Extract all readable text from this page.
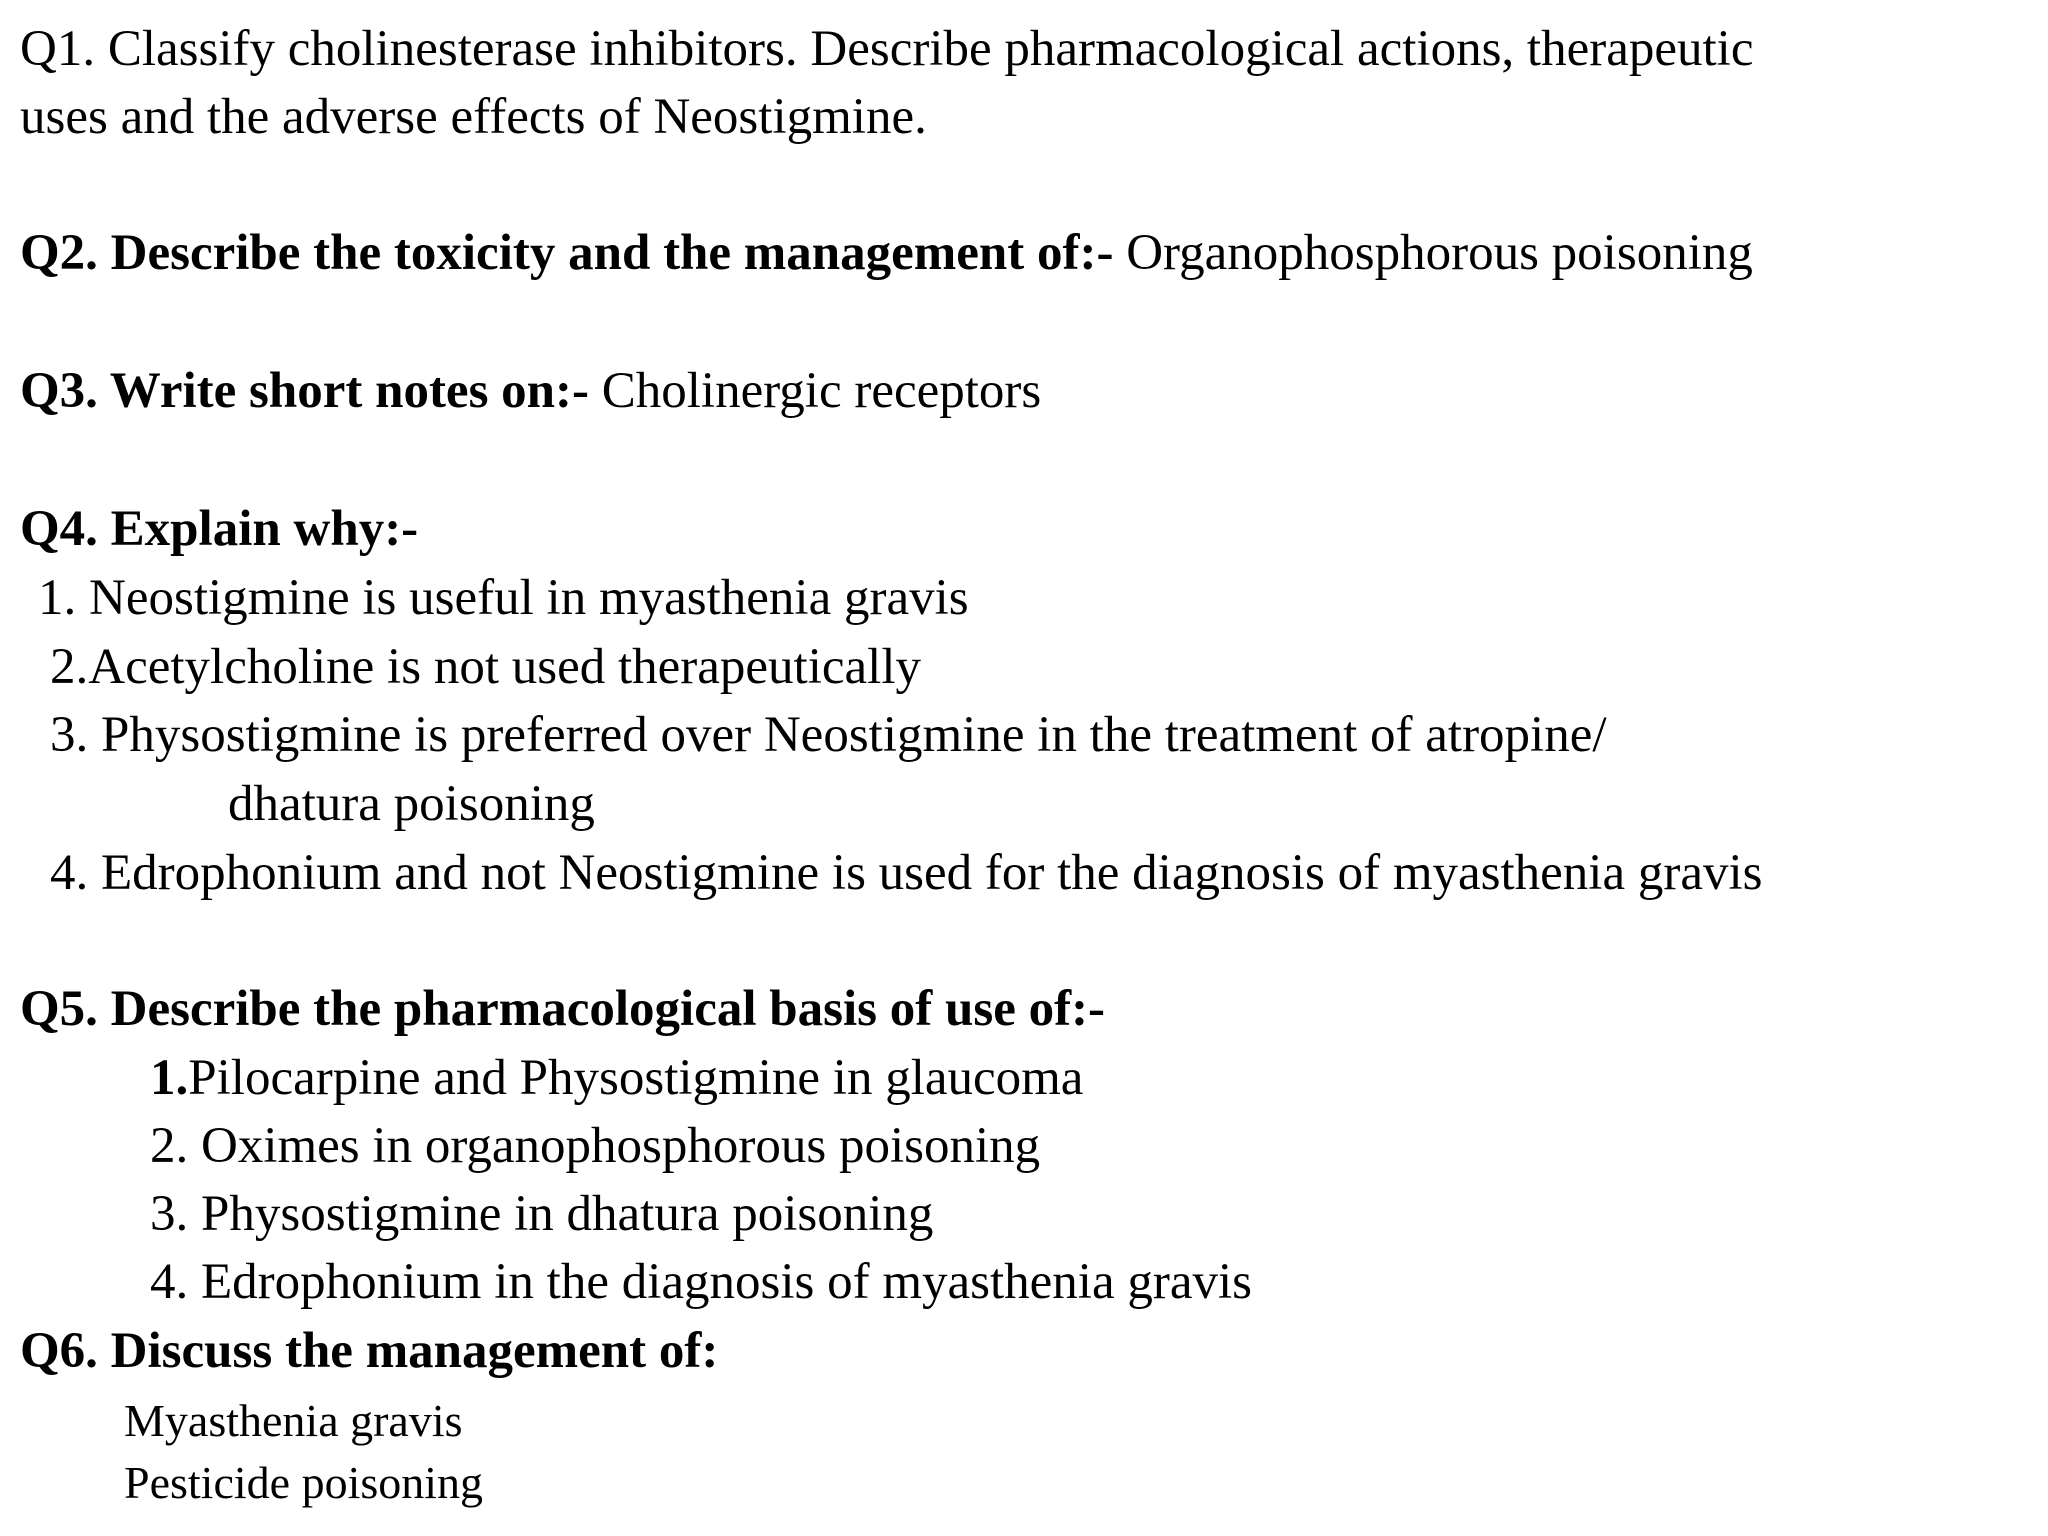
Q1. Classify cholinesterase inhibitors. Describe pharmacological actions, therapeutic
uses and the adverse effects of Neostigmine.
Q2. Describe the toxicity and the management of:- Organophosphorous poisoning
Q3. Write short notes on:- Cholinergic receptors
Q4. Explain why:-
1. Neostigmine is useful in myasthenia gravis
2.Acetylcholine is not used therapeutically
3. Physostigmine is preferred over Neostigmine in the treatment of atropine/
dhatura poisoning
4. Edrophonium and not Neostigmine is used for the diagnosis of myasthenia gravis
Q5. Describe the pharmacological basis of use of:-
1.Pilocarpine and Physostigmine in glaucoma
2. Oximes in organophosphorous poisoning
3. Physostigmine in dhatura poisoning
4. Edrophonium in the diagnosis of myasthenia gravis
Q6. Discuss the management of:
Myasthenia gravis
Pesticide poisoning
